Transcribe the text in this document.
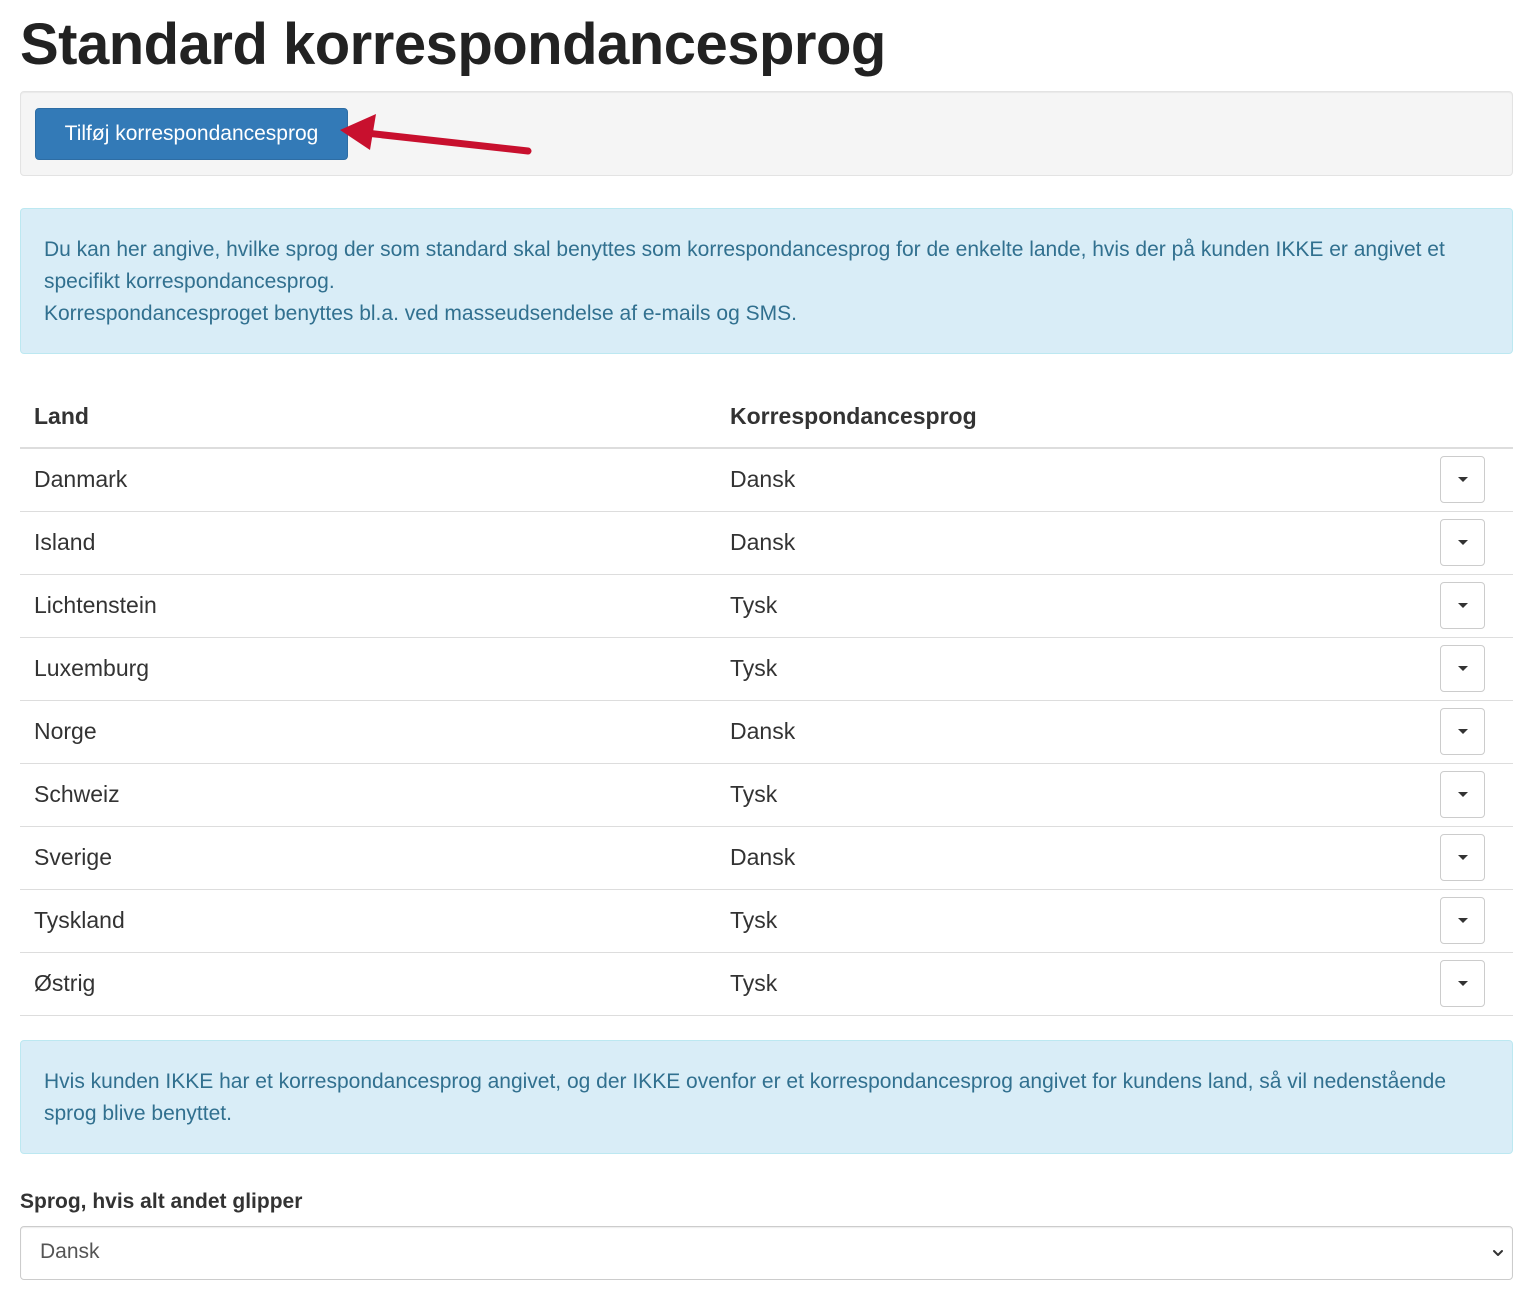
Standard korrespondancesprog
Tilføj korrespondancesprog

Du kan her angive, hvilke sprog der som standard skal benyttes som korrespondancesprog for de enkelte lande, hvis der på kunden IKKE er angivet et specifikt korrespondancesprog.

Korrespondancesproget benyttes bl.a. ved masseudsendelse af e-mails og SMS.

Land	Korrespondancesprog	
Danmark	Dansk	

Island	Dansk	

Lichtenstein	Tysk	

Luxemburg	Tysk	

Norge	Dansk	

Schweiz	Tysk	

Sverige	Dansk	

Tyskland	Tysk	

Østrig	Tysk	

Hvis kunden IKKE har et korrespondancesprog angivet, og der IKKE ovenfor er et korrespondancesprog angivet for kundens land, så vil nedenstående sprog blive benyttet.

Sprog, hvis alt andet glipper
Dansk
